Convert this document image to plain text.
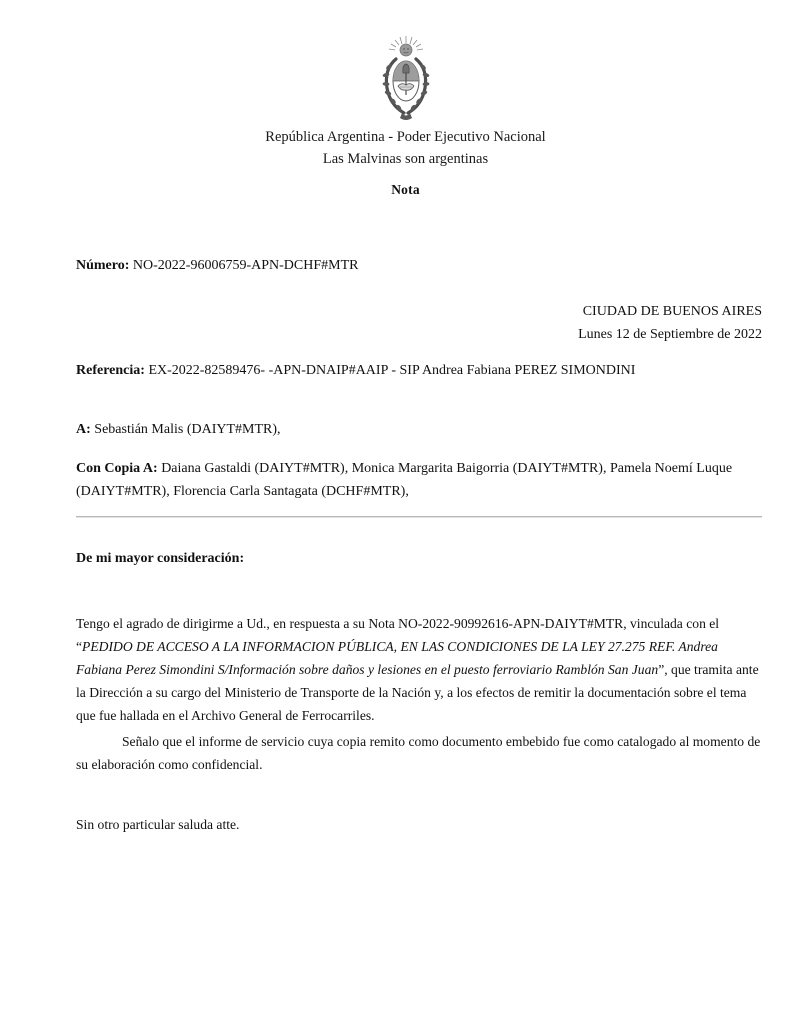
República Argentina - Poder Ejecutivo Nacional
Las Malvinas son argentinas
Nota
Número: NO-2022-96006759-APN-DCHF#MTR
CIUDAD DE BUENOS AIRES
Lunes 12 de Septiembre de 2022
Referencia: EX-2022-82589476- -APN-DNAIP#AAIP - SIP Andrea Fabiana PEREZ SIMONDINI
A: Sebastián Malis (DAIYT#MTR),
Con Copia A: Daiana Gastaldi (DAIYT#MTR), Monica Margarita Baigorria (DAIYT#MTR), Pamela Noemí Luque (DAIYT#MTR), Florencia Carla Santagata (DCHF#MTR),
De mi mayor consideración:
Tengo el agrado de dirigirme a Ud., en respuesta a su Nota NO-2022-90992616-APN-DAIYT#MTR, vinculada con el “PEDIDO DE ACCESO A LA INFORMACION PÚBLICA, EN LAS CONDICIONES DE LA LEY 27.275 REF. Andrea Fabiana Perez Simondini S/Información sobre daños y lesiones en el puesto ferroviario Ramblón San Juan”, que tramita ante la Dirección a su cargo del Ministerio de Transporte de la Nación y, a los efectos de remitir la documentación sobre el tema que fue hallada en el Archivo General de Ferrocarriles.
Señalo que el informe de servicio cuya copia remito como documento embebido fue como catalogado al momento de su elaboración como confidencial.
Sin otro particular saluda atte.
